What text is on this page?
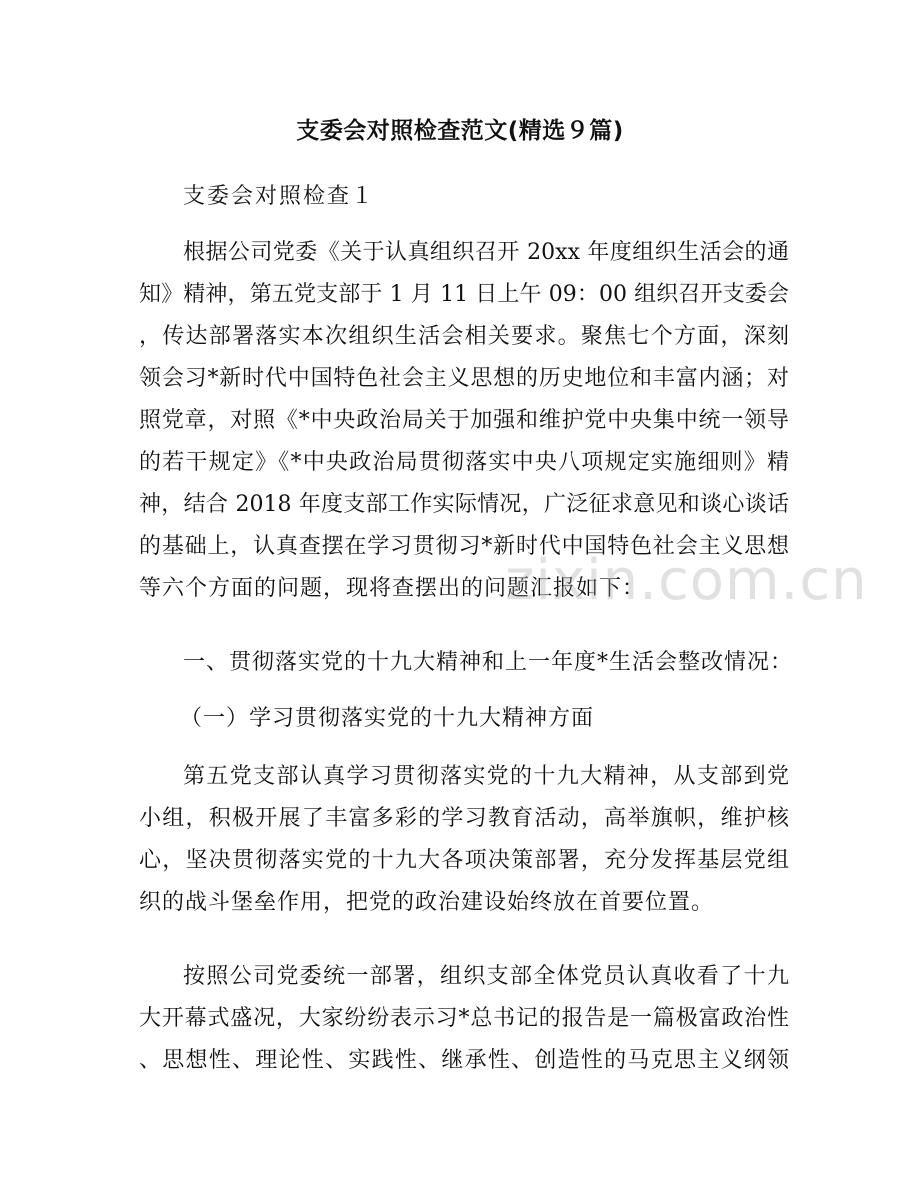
支委会对照检查范文(精选９篇)

支委会对照检查１

根据公司党委《关于认真组织召开 20xx 年度组织生活会的通

知》精神，第五党支部于 1 月 11 日上午 09：00 组织召开支委会

，传达部署落实本次组织生活会相关要求。聚焦七个方面，深刻

领会习*新时代中国特色社会主义思想的历史地位和丰富内涵；对

照党章，对照《*中央政治局关于加强和维护党中央集中统一领导

的若干规定》《*中央政治局贯彻落实中央八项规定实施细则》精

神，结合 2018 年度支部工作实际情况，广泛征求意见和谈心谈话

的基础上，认真查摆在学习贯彻习*新时代中国特色社会主义思想

等六个方面的问题，现将查摆出的问题汇报如下：

一、贯彻落实党的十九大精神和上一年度*生活会整改情况：

（一）学习贯彻落实党的十九大精神方面

第五党支部认真学习贯彻落实党的十九大精神，从支部到党

小组，积极开展了丰富多彩的学习教育活动，高举旗帜，维护核

心，坚决贯彻落实党的十九大各项决策部署，充分发挥基层党组

织的战斗堡垒作用，把党的政治建设始终放在首要位置。

按照公司党委统一部署，组织支部全体党员认真收看了十九

大开幕式盛况，大家纷纷表示习*总书记的报告是一篇极富政治性

、思想性、理论性、实践性、继承性、创造性的马克思主义纲领

zixin.com.cn
